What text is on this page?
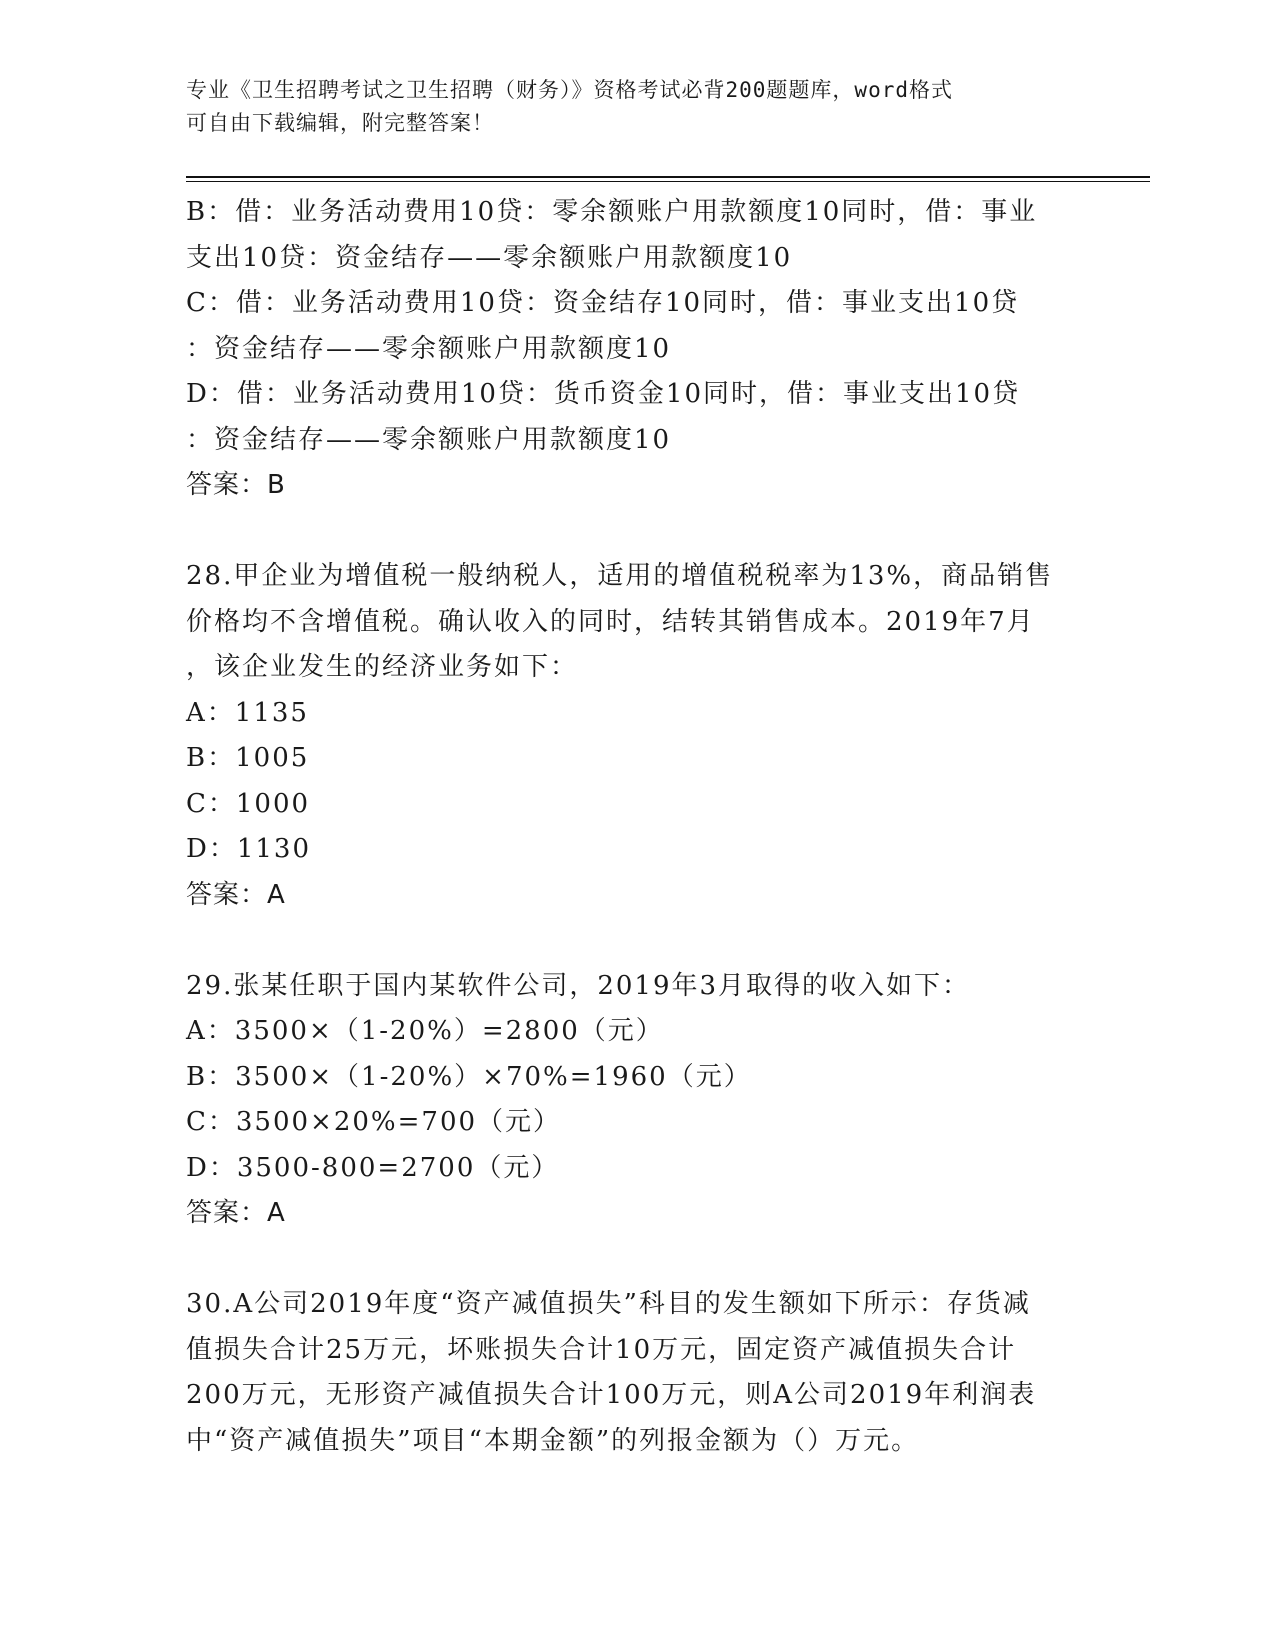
专业《卫生招聘考试之卫生招聘（财务）》资格考试必背200题题库，word格式
可自由下载编辑，附完整答案！
B：借：业务活动费用10贷：零余额账户用款额度10同时，借：事业
支出10贷：资金结存——零余额账户用款额度10
C：借：业务活动费用10贷：资金结存10同时，借：事业支出10贷
：资金结存——零余额账户用款额度10
D：借：业务活动费用10贷：货币资金10同时，借：事业支出10贷
：资金结存——零余额账户用款额度10
答案：B
28.甲企业为增值税一般纳税人，适用的增值税税率为13%，商品销售
价格均不含增值税。确认收入的同时，结转其销售成本。2019年7月
，该企业发生的经济业务如下：
A：1135
B：1005
C：1000
D：1130
答案：A
29.张某任职于国内某软件公司，2019年3月取得的收入如下：
A：3500×（1-20%）=2800（元）
B：3500×（1-20%）×70%=1960（元）
C：3500×20%=700（元）
D：3500-800=2700（元）
答案：A
30.A公司2019年度“资产减值损失”科目的发生额如下所示：存货减
值损失合计25万元，坏账损失合计10万元，固定资产减值损失合计
200万元，无形资产减值损失合计100万元，则A公司2019年利润表
中“资产减值损失”项目“本期金额”的列报金额为（）万元。
